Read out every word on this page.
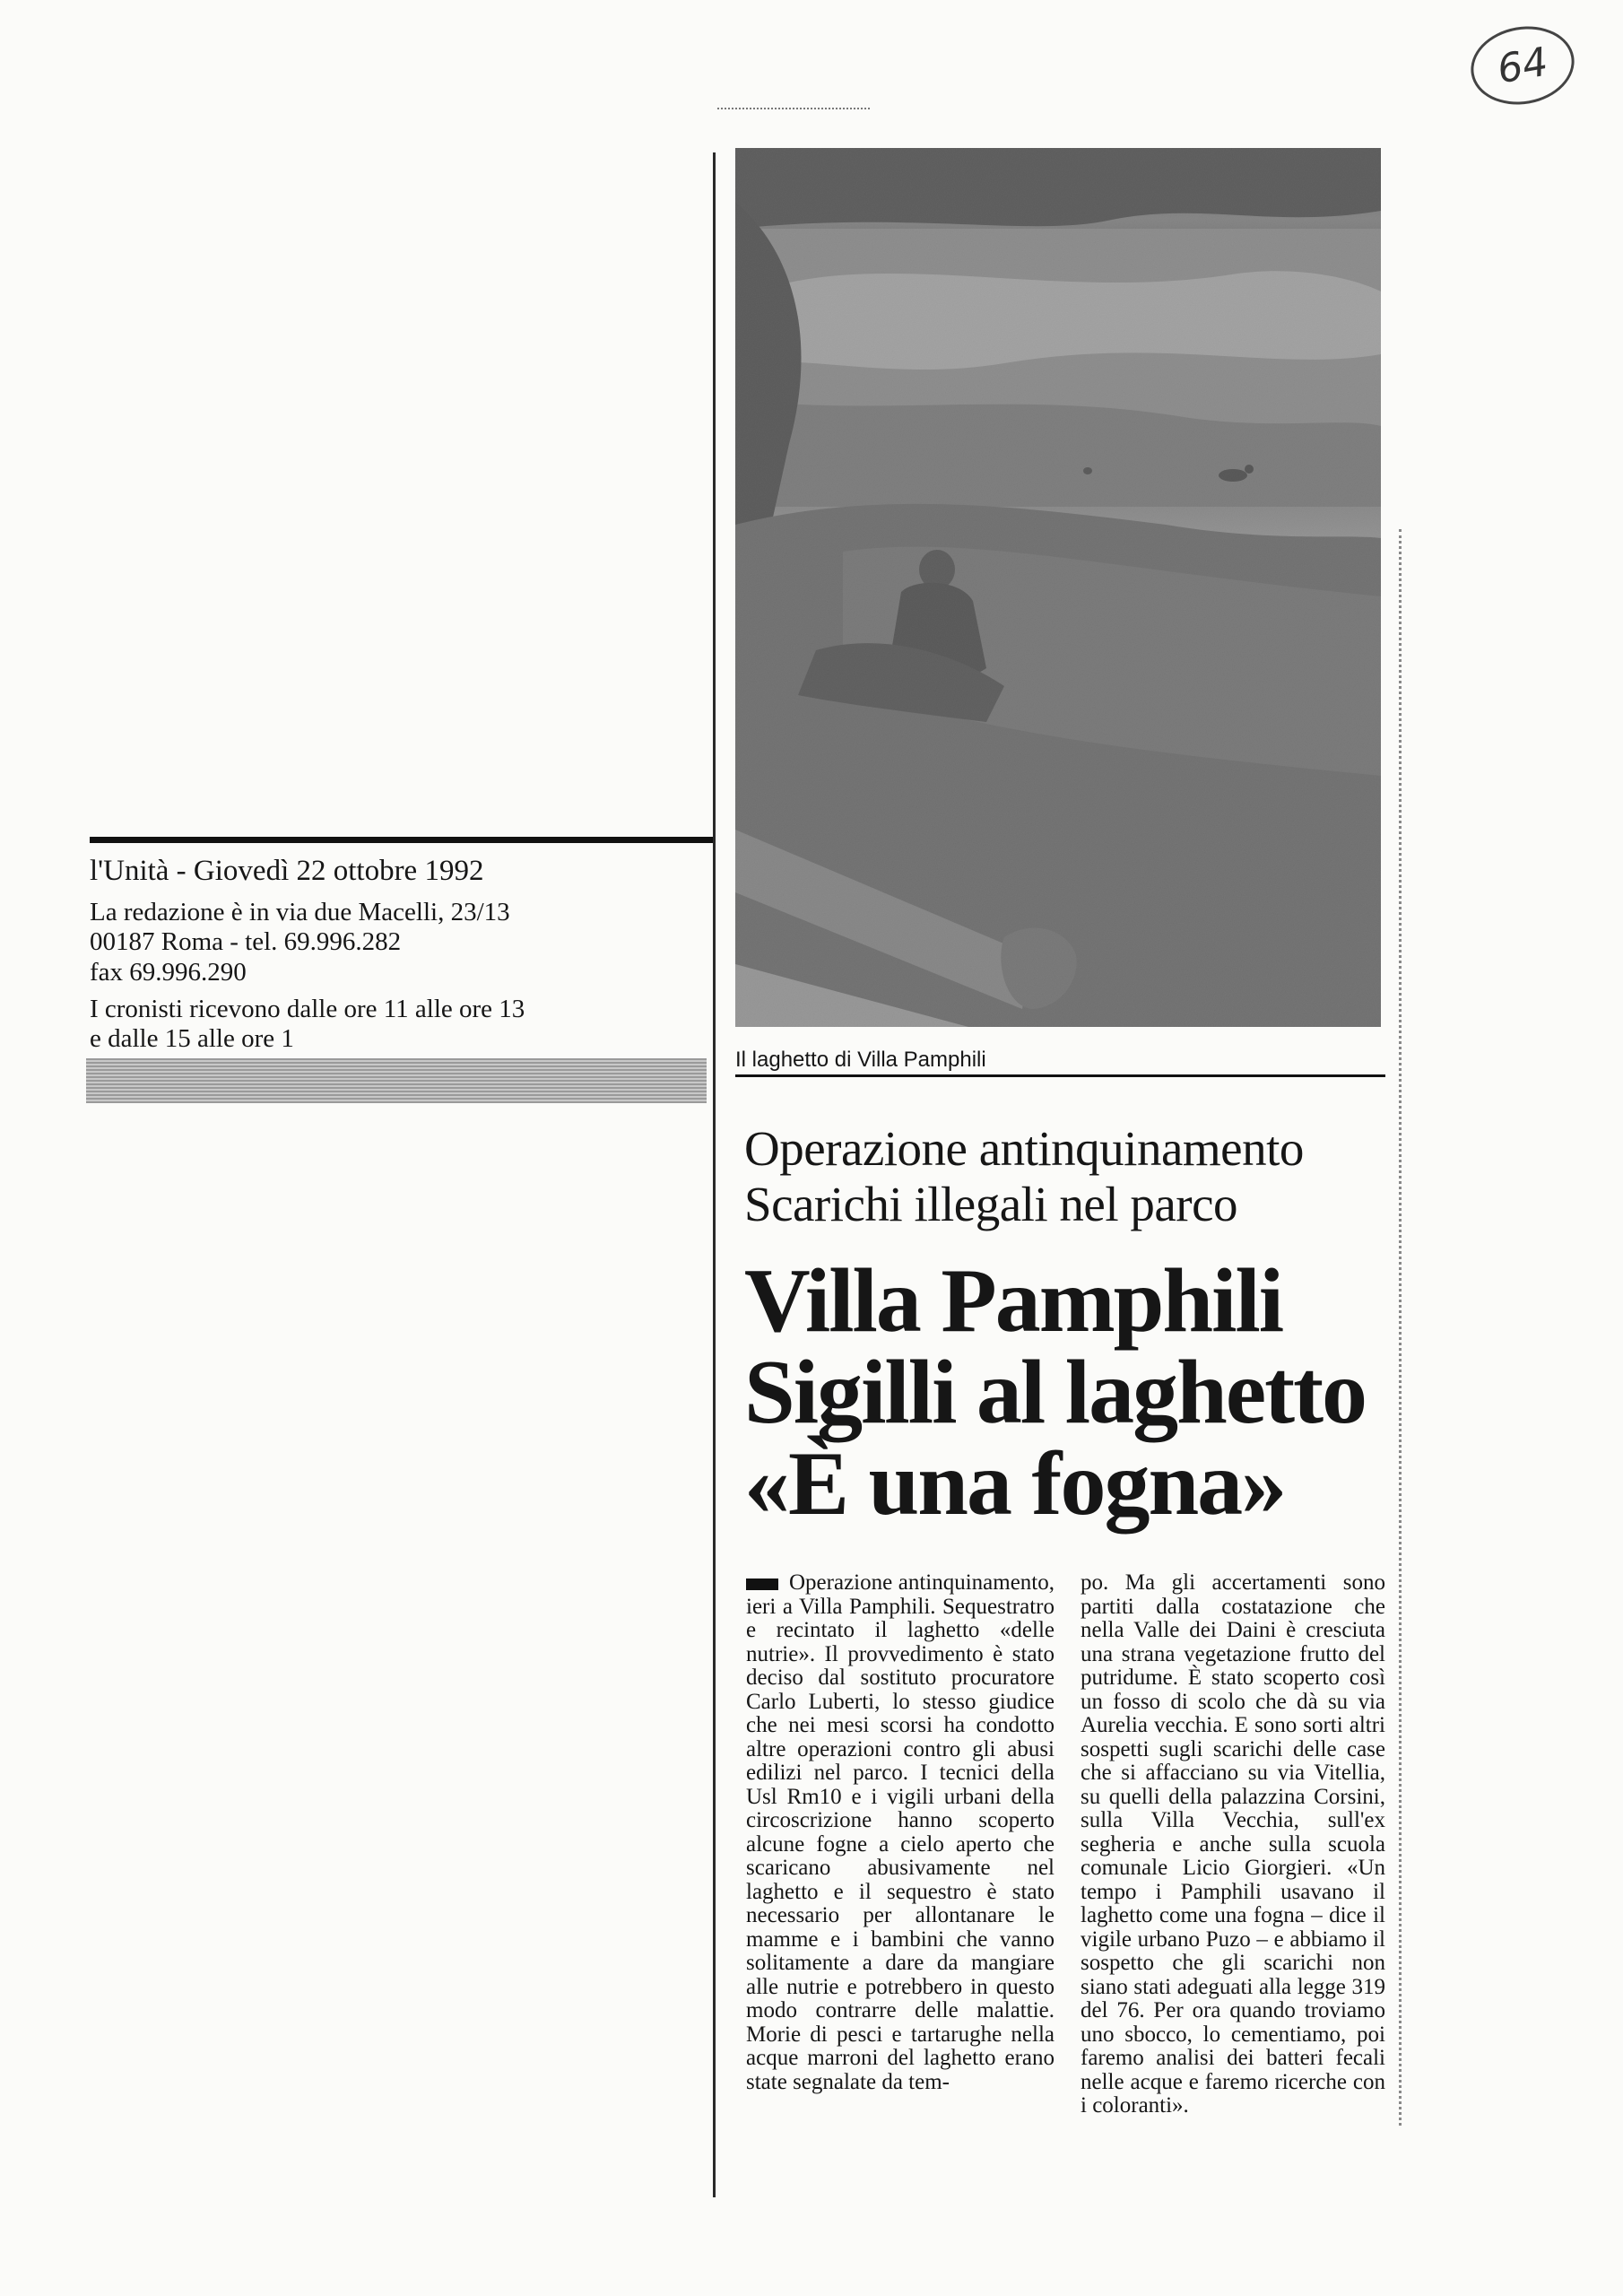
64
l'Unità - Giovedì 22 ottobre 1992
La redazione è in via due Macelli, 23/13
00187 Roma - tel. 69.996.282
fax 69.996.290
I cronisti ricevono dalle ore 11 alle ore 13
e dalle 15 alle ore 1
Il laghetto di Villa Pamphili
Operazione antinquinamento
Scarichi illegali nel parco
Villa Pamphili
Sigilli al laghetto
«È una fogna»
Operazione antinquinamento, ieri a Villa Pamphili. Sequestratro e recintato il laghetto «delle nutrie». Il provvedimento è stato deciso dal sostituto procuratore Carlo Luberti, lo stesso giudice che nei mesi scorsi ha condotto altre operazioni contro gli abusi edilizi nel parco. I tecnici della Usl Rm10 e i vigili urbani della circoscrizione hanno scoperto alcune fogne a cielo aperto che scaricano abusivamente nel laghetto e il sequestro è stato necessario per allontanare le mamme e i bambini che vanno solitamente a dare da mangiare alle nutrie e potrebbero in questo modo contrarre delle malattie. Morie di pesci e tartarughe nella acque marroni del laghetto erano state segnalate da tem-
po. Ma gli accertamenti sono partiti dalla costatazione che nella Valle dei Daini è cresciuta una strana vegetazione frutto del putridume. È stato scoperto così un fosso di scolo che dà su via Aurelia vecchia. E sono sorti altri sospetti sugli scarichi delle case che si affacciano su via Vitellia, su quelli della palazzina Corsini, sulla Villa Vecchia, sull'ex segheria e anche sulla scuola comunale Licio Giorgieri. «Un tempo i Pamphili usavano il laghetto come una fogna – dice il vigile urbano Puzo – e abbiamo il sospetto che gli scarichi non siano stati adeguati alla legge 319 del 76. Per ora quando troviamo uno sbocco, lo cementiamo, poi faremo analisi dei batteri fecali nelle acque e faremo ricerche con i coloranti».
